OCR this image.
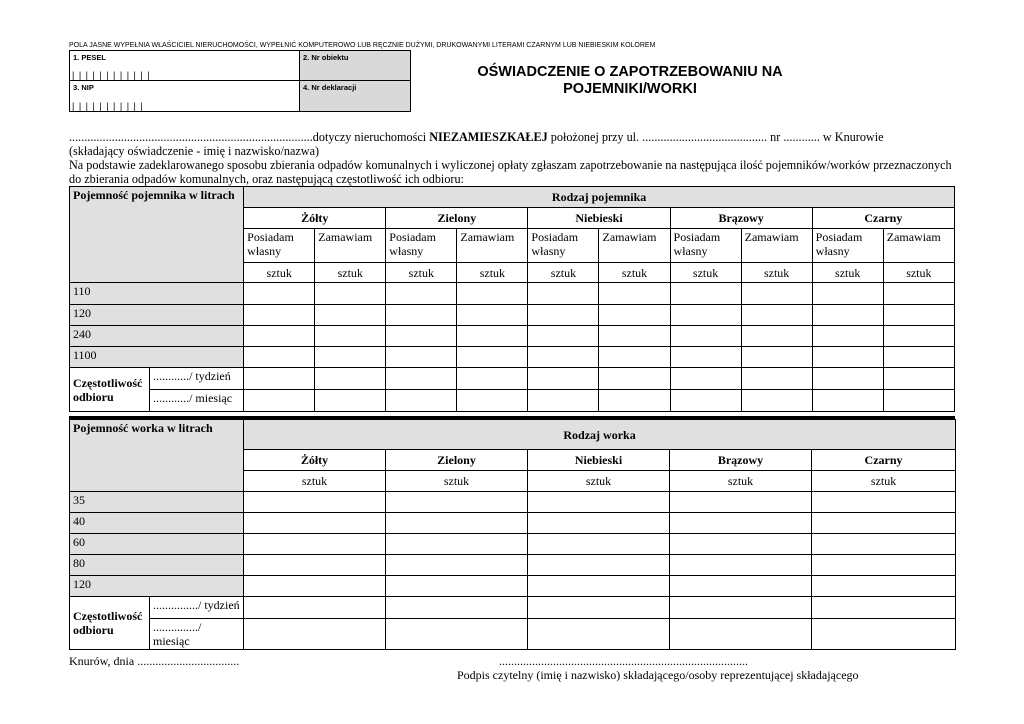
POLA JASNE WYPEŁNIA WŁAŚCICIEL NIERUCHOMOŚCI, WYPEŁNIĆ KOMPUTEROWO LUB RĘCZNIE DUŻYMI, DRUKOWANYMI LITERAMI CZARNYM LUB NIEBIESKIM KOLOREM
1. PESEL
| | | | | | | | | | | |
2. Nr obiektu
3. NIP
| | | | | | | | | | |
4. Nr deklaracji
OŚWIADCZENIE O ZAPOTRZEBOWANIU NA
POJEMNIKI/WORKI

................................................................................dotyczy nieruchomości NIEZAMIESZKAŁEJ położonej przy ul. ......................................... nr ............ w Knurowie

(składający oświadczenie - imię i nazwisko/nazwa)

Na podstawie zadeklarowanego sposobu zbierania odpadów komunalnych i wyliczonej opłaty zgłaszam zapotrzebowanie na następująca ilość pojemników/worków przeznaczonych

do zbierania odpadów komunalnych, oraz następującą częstotliwość ich odbioru:

Pojemność pojemnika w litrach		Rodzaj pojemnika									
		Żółty		Zielony		Niebieski		Brązowy		Czarny	
		Posiadam własny	Zamawiam	Posiadam własny	Zamawiam	Posiadam własny	Zamawiam	Posiadam własny	Zamawiam	Posiadam własny	Zamawiam
		sztuk	sztuk	sztuk	sztuk	sztuk	sztuk	sztuk	sztuk	sztuk	sztuk
110											
120											
240											
1100											
Częstotliwość odbioru	............/ tydzień										
	............/ miesiąc										
Pojemność worka w litrach		Rodzaj worka				
		Żółty	Zielony	Niebieski	Brązowy	Czarny
		sztuk	sztuk	sztuk	sztuk	sztuk
35						
40						
60						
80						
120						
Częstotliwość odbioru	.............../ tydzień					
	.............../ miesiąc					
Knurów, dnia ..................................	...................................................................................
Podpis czytelny (imię i nazwisko) składającego/osoby reprezentującej składającego
